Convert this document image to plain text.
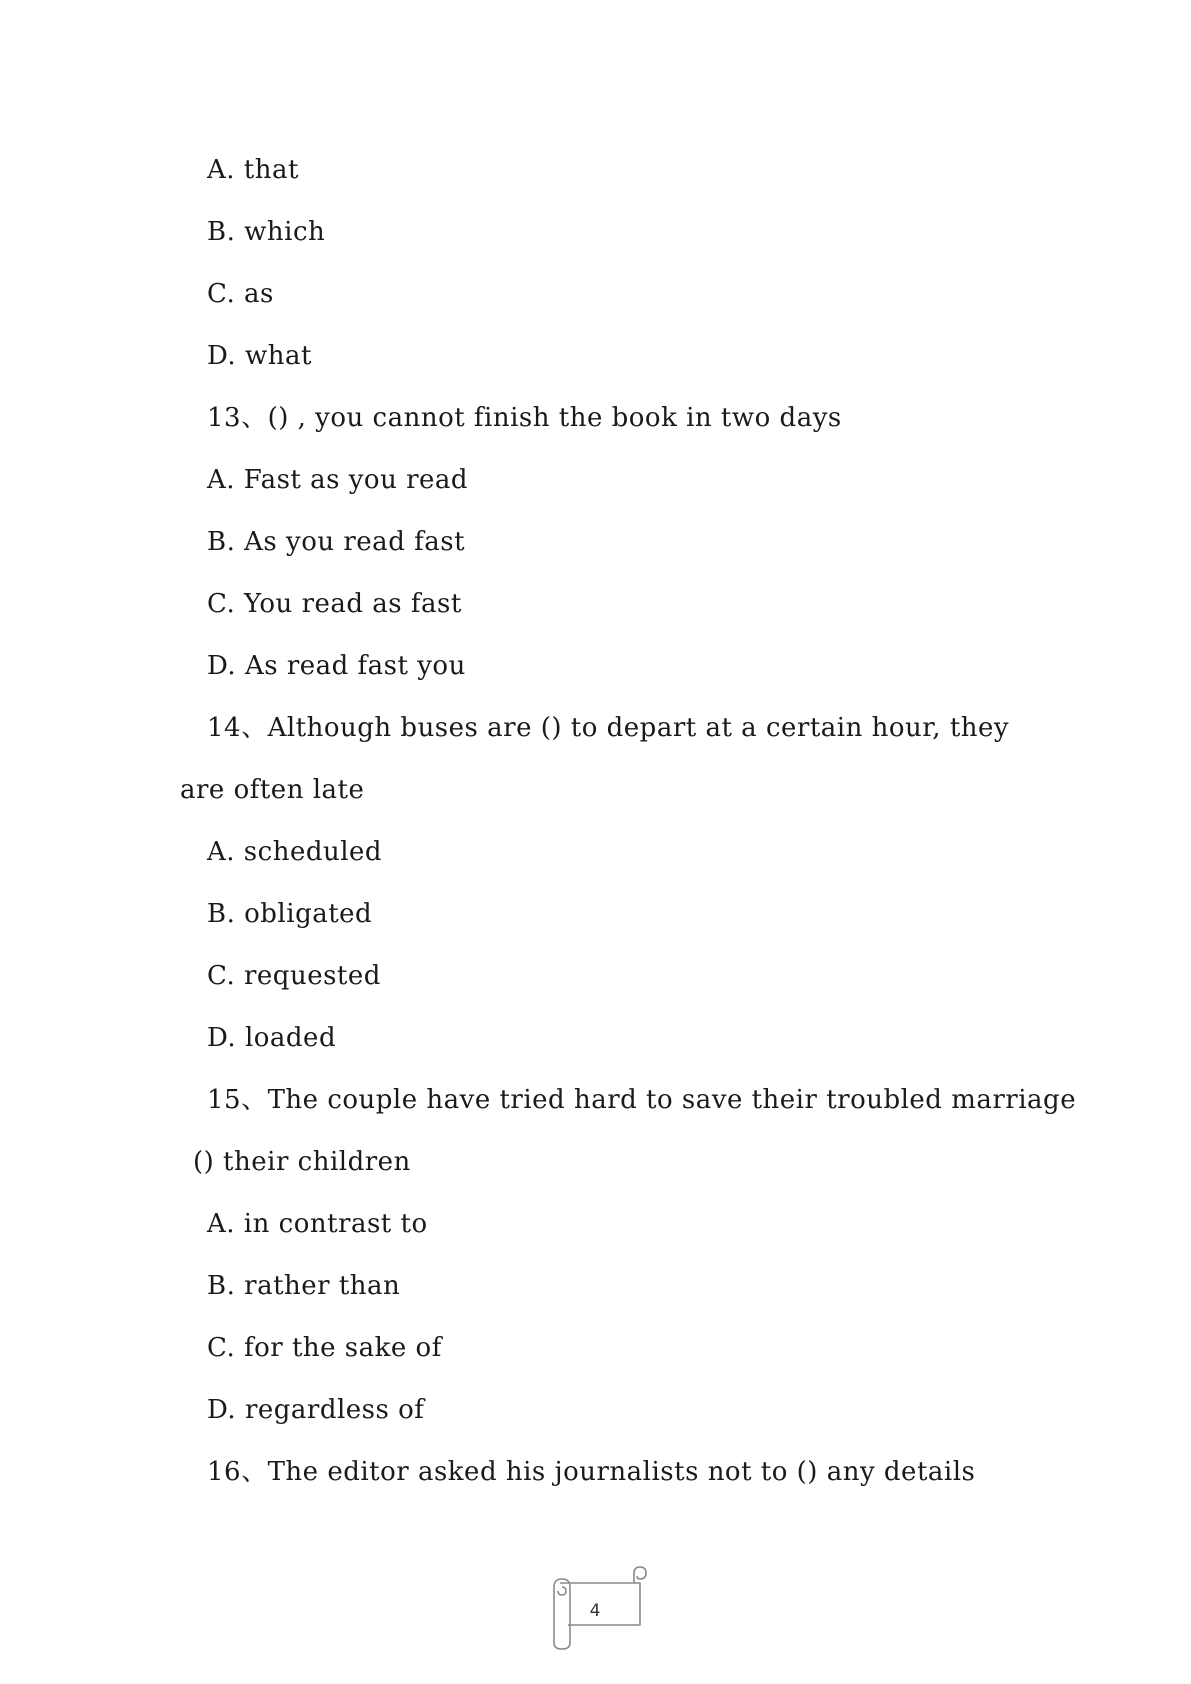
A. that
B. which
C. as
D. what
13、() , you cannot finish the book in two days
A. Fast as you read
B. As you read fast
C. You read as fast
D. As read fast you
14、Although buses are () to depart at a certain hour, they
are often late
A. scheduled
B. obligated
C. requested
D. loaded
15、The couple have tried hard to save their troubled marriage
() their children
A. in contrast to
B. rather than
C. for the sake of
D. regardless of
16、The editor asked his journalists not to () any details
4
